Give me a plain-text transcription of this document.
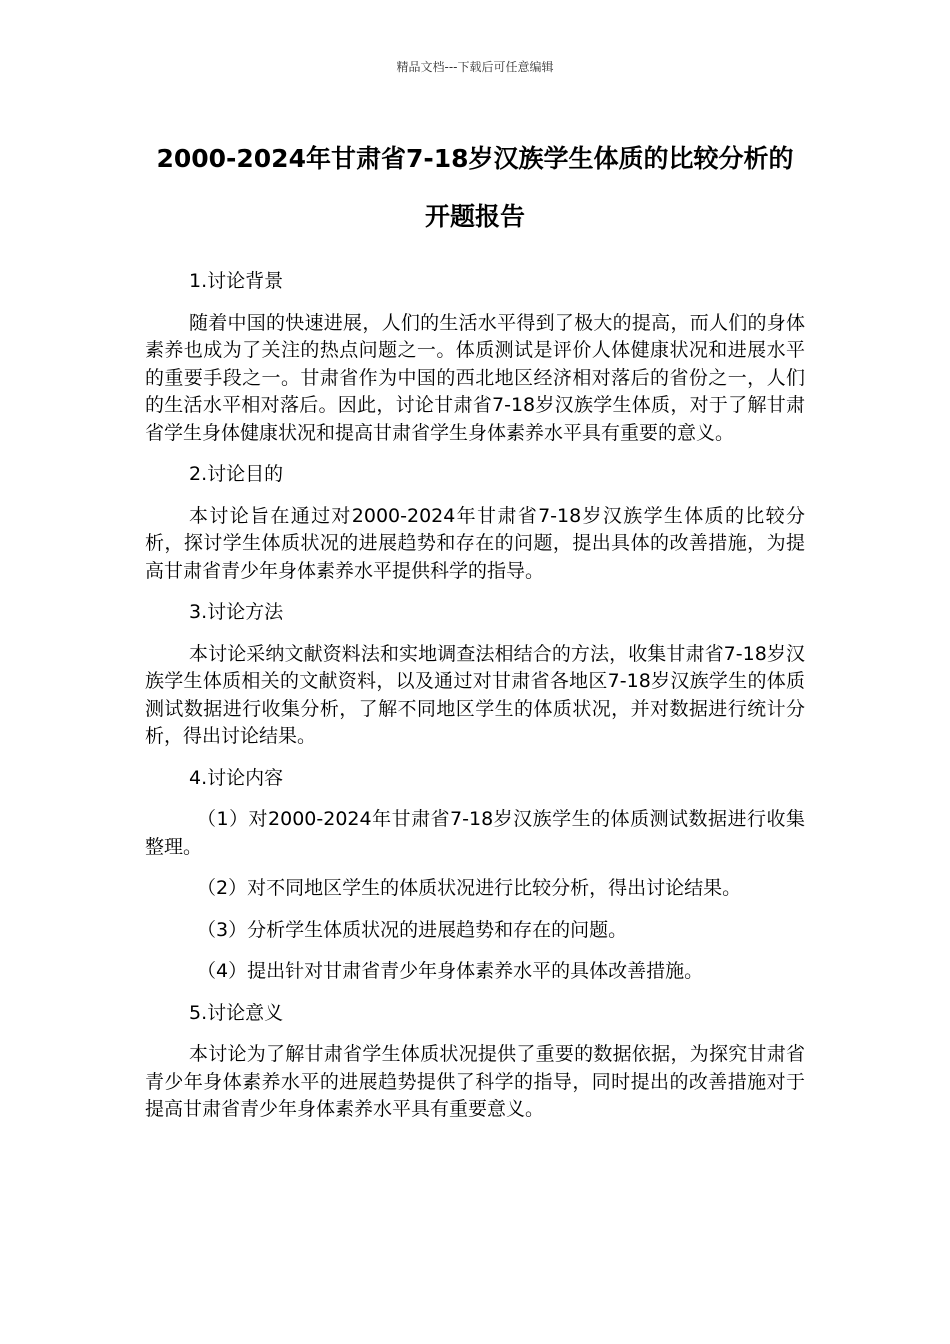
精品文档---下载后可任意编辑
2000-2024年甘肃省7-18岁汉族学生体质的比较分析的开题报告

1.讨论背景

随着中国的快速进展，人们的生活水平得到了极大的提高，而人们的身体素养也成为了关注的热点问题之一。体质测试是评价人体健康状况和进展水平的重要手段之一。甘肃省作为中国的西北地区经济相对落后的省份之一，人们的生活水平相对落后。因此，讨论甘肃省7-18岁汉族学生体质，对于了解甘肃省学生身体健康状况和提高甘肃省学生身体素养水平具有重要的意义。

2.讨论目的

本讨论旨在通过对2000-2024年甘肃省7-18岁汉族学生体质的比较分析，探讨学生体质状况的进展趋势和存在的问题，提出具体的改善措施，为提高甘肃省青少年身体素养水平提供科学的指导。

3.讨论方法

本讨论采纳文献资料法和实地调查法相结合的方法，收集甘肃省7-18岁汉族学生体质相关的文献资料，以及通过对甘肃省各地区7-18岁汉族学生的体质测试数据进行收集分析，了解不同地区学生的体质状况，并对数据进行统计分析，得出讨论结果。

4.讨论内容

（1）对2000-2024年甘肃省7-18岁汉族学生的体质测试数据进行收集整理。

（2）对不同地区学生的体质状况进行比较分析，得出讨论结果。

（3）分析学生体质状况的进展趋势和存在的问题。

（4）提出针对甘肃省青少年身体素养水平的具体改善措施。

5.讨论意义

本讨论为了解甘肃省学生体质状况提供了重要的数据依据，为探究甘肃省青少年身体素养水平的进展趋势提供了科学的指导，同时提出的改善措施对于提高甘肃省青少年身体素养水平具有重要意义。
